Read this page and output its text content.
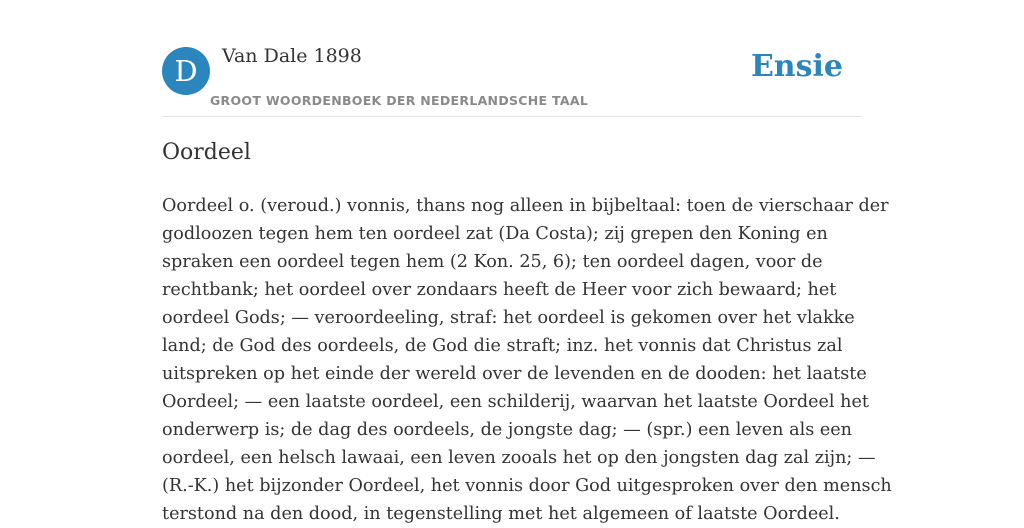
D	Van Dale 1898
GROOT WOORDENBOEK DER NEDERLANDSCHE TAAL
Ensie
Oordeel
Oordeel o. (veroud.) vonnis, thans nog alleen in bijbeltaal: toen de vierschaar der
godloozen tegen hem ten oordeel zat (Da Costa); zij grepen den Koning en
spraken een oordeel tegen hem (2 Kon. 25, 6); ten oordeel dagen, voor de
rechtbank; het oordeel over zondaars heeft de Heer voor zich bewaard; het
oordeel Gods; — veroordeeling, straf: het oordeel is gekomen over het vlakke
land; de God des oordeels, de God die straft; inz. het vonnis dat Christus zal
uitspreken op het einde der wereld over de levenden en de dooden: het laatste
Oordeel; — een laatste oordeel, een schilderij, waarvan het laatste Oordeel het
onderwerp is; de dag des oordeels, de jongste dag; — (spr.) een leven als een
oordeel, een helsch lawaai, een leven zooals het op den jongsten dag zal zijn; —
(R.-K.) het bijzonder Oordeel, het vonnis door God uitgesproken over den mensch
terstond na den dood, in tegenstelling met het algemeen of laatste Oordeel.
